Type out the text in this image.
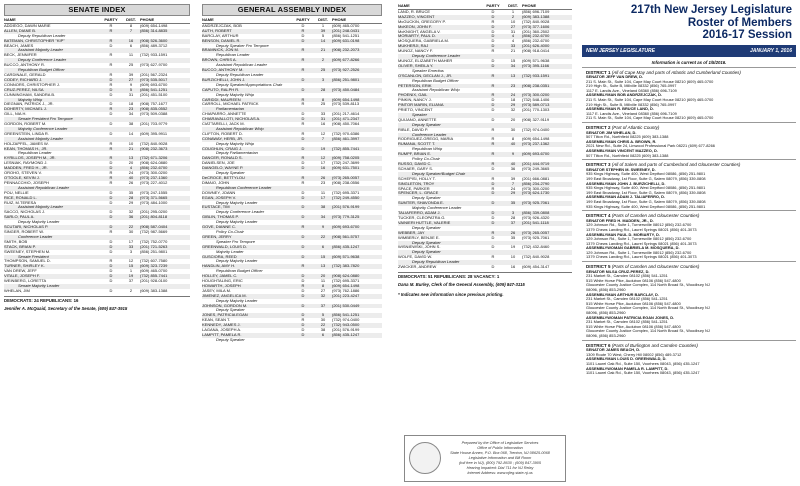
SENATE INDEX
NAME	PARTY	DIST.	PHONE
ADDIEGO, DAWN MARIE	R	8	(609) 654-1498
ALLEN, DIANE B.	R	7	(856) 314-8835
Deputy Republican Leader
BATEMAN, CHRISTOPHER "KIP"	R	16	(908) 526-3600
BEACH, JAMES	D	6	(856) 489-3712
Assistant Majority Leader
BECK, JENNIFER	R	11	(732) 933-1591
Deputy Conference Leader
BUCCO, ANTHONY R.	R	25	(973) 627-9700
Republican Budget Officer
CARDINALE, GERALD	R	39	(201) 567-2324
CODEY, RICHARD J.	D	27	(973) 535-5017
CONNORS, CHRISTOPHER J.	R	9	(609) 693-6700
CRUZ-PEREZ, NILSA	D	5	(856) 541-1251
CUNNINGHAM, SANDRA B.	D	31	(201) 451-5100
Majority Whip
DIEGNAN, PATRICK J., JR.	D	18	(908) 757-1677
DOHERTY, MICHAEL J.	R	23	(908) 835-0552
GILL, NIA H.	D	34	(973) 509-0388
Senate President Pro Tempore
GORDON, ROBERT M.	D	38	(201) 703-9779
Majority Conference Leader
GREENSTEIN, LINDA R.	D	14	(609) 395-9911
Assistant Majority Leader
HOLZAPFEL, JAMES W.	R	10	(732) 840-9028
KEAN, THOMAS H., JR.	R	21	(908) 232-3673
Republican Leader
KYRILLOS, JOSEPH M., JR.	R	13	(732) 671-3206
LESNIAK, RAYMOND J.	D	20	(908) 624-0880
MADDEN, FRED H., JR.	D	4	(856) 232-6700
OROHO, STEVEN V.	R	24	(973) 300-0200
O'TOOLE, KEVIN J.	R	40	(973) 237-1360
PENNACCHIO, JOSEPH	R	26	(973) 227-4012
Assistant Republican Leader
POU, NELLIE	D	35	(973) 247-1555
RICE, RONALD L.	D	28	(973) 371-5665
RUIZ, M.TERESA	D	29	(973) 484-1000
Assistant Majority Leader
SACCO, NICHOLAS J.	D	32	(201) 295-0200
SARLO, PAUL A.	D	36	(201) 804-8118
Deputy Majority Leader
SCUTARI, NICHOLAS P.	D	22	(908) 587-0404
SINGER, ROBERT W.	R	30	(732) 987-5669
Conference Leader
SMITH, BOB	D	17	(732) 752-0770
STACK, BRIAN P.	D	33	(201) 721-5263
SWEENEY, STEPHEN M.	D	3	(856) 251-9801
Senate President
THOMPSON, SAMUEL D.	R	12	(732) 607-7580
TURNER, SHIRLEY K.	D	15	(609) 323-7239
VAN DREW, JEFF	D	1	(609) 465-0700
VITALE, JOSEPH F.	D	19	(732) 855-7441
WEINBERG, LORETTA	D	37	(201) 928-0100
Senate Majority Leader
WHELAN, JIM	D	2	(609) 383-1388
DEMOCRATS: 24 REPUBLICANS: 16
Jennifer A. McQuaid, Secretary of the Senate, (609) 847-3915
GENERAL ASSEMBLY INDEX
NAME	PARTY	DIST.	PHONE
ANDRZEJCZAK, BOB	D	1	(609) 465-0700
AUTH, ROBERT	R	39	(201) 248-0431
BARCLAY, ARTHUR	D	5	(856) 541-1251
BENSON, DANIEL R.	D	14	(609) 631-0198
Deputy Speaker Pro Tempore
BRAMNICK, JON M.	R	21	(908) 232-2073
Republican Leader
BROWN, CHRIS A.	R	2	(609) 677-8266
Assistant Republican Leader
BUCCO, ANTHONY M.	R	25	(973) 927-2526
Deputy Republican Leader
BURZICHELLI, JOHN J.	D	3	(856) 251-9801
Deputy Speaker/Appropriations Chair
CAPUTO, RALPH R.	D	28	(973) 450-0484
Deputy Majority Whip
CARIDDI, MAUREEN	R	8	(609) 654-1498
CARROLL, MICHAEL PATRICK	R	25	(973) 539-8113
Parliamentarian
CHIAPARRO, ANNETTE	D	33	(201) 217-4614
CHIARAVALLOTI, NICHOLAS A.	D	31	(201) 471-2347
CIATTARELLI, JACK M.	R	16	(908) 450-7064
Assistant Republican Whip
CLIFTON, ROBERT D.	R	12	(732) 970-6386
CONAWAY, HERB, JR.	D	7	(856) 461-3997
Deputy Majority Whip
COUGHLIN, CRAIG J.	D	19	(732) 855-7441
Deputy Parliamentarian
DANCER, RONALD S.	R	12	(609) 758-0205
DANIELSEN, JOE	D	17	(732) 247-3699
DiANGELO, WAYNE P.	D	16	(609) 631-7501
Deputy Speaker
DeCROCE, BETTYLOU	R	26	(973) 265-0057
DiMAIO, JOHN	R	23	(908) 238-0556
Republican Conference Leader
DOWNEY, JOANN	D	11	(732) 695-3371
EGAN, JOSEPH V.	D	17	(732) 249-4550
Deputy Majority Leader
EUSTACE, TIM	D	38	(201) 576-9199
Deputy Conference Leader
GIBLIN, THOMAS P.	D	34	(973) 779-3125
Deputy Majority Leader
GOVE, DIANNE C.	R	9	(609) 693-6700
Policy Co-Chair
GREEN, JERRY	D	22	(908) 561-5757
Speaker Pro Tempore
GREENWALD, LOUIS D.	D	6	(856) 435-1247
Majority Leader
GUSCIORA, REED	D	15	(609) 571-9638
Deputy Majority Leader
HANDLIN, AMY H.	R	13	(732) 383-7820
Republican Budget Officer
HOLLEY, JAMEL C.	D	20	(908) 624-0880
HOUGHTALING, ERIC	D	11	(732) 695-3371
HOWARTH, JOSEPH	R	8	(609) 654-1498
JASEY, MILA M.	D	27	(973) 762-1886
JIMENEZ, ANGELICA M.	D	32	(201) 223-4247
Deputy Majority Leader
JOHNSON, GORDON M.	D	37	(201) 530-0449
Deputy Speaker
JONES, PATRICIA EGAN	D	5	(856) 541-1251
KEAN, SEAN T.	R	30	(732) 974-0400
KENNEDY, JAMES J.	D	22	(732) 943-0500
LAGANA, JOSEPH A.	D	38	(201) 576-9199
LAMPITT, PAMELA R.	D	6	(856) 435-1247
Deputy Speaker
NAME	PARTY	DIST.	PHONE
LAND, R. BRUCE	D	1	(856) 696-7109
MAZZEO, VINCENT	D	2	(609) 383-1388
McGUCKIN, GREGORY P.	R	10	(732) 840-9028
McKEON, JOHN F.	D	27	(973) 377-1606
McKNIGHT, ANGELA V.	D	31	(201) 360-2502
MORIARTY, PAUL D.	D	4	(856) 232-6700
MOSQUERA, GABRIELA M.	D	4	(856) 232-6700
MUKHERJI, RAJ	D	33	(201) 626-4000
MUNOZ, NANCY F.	R	21	(908) 918-0414
Deputy Conference Leader
MUNOZ, ELIZABETH MAHER	D	15	(609) 571-9638
OLIVER, SHEILA Y.	D	34	(973) 395-1166
Speaker Emeritus
O'SCANLON, DECLAN J., JR.	R	13	(732) 933-1591
Republican Budget Officer
PETERSON, ERIK	R	23	(908) 238-0351
Assistant Republican Whip
PHOENIX, GAIL	R	24	(973) 300-0200
PINKIN, NANCY J.	D	18	(732) 548-1406
PINTOR MARIN, ELIANA	D	29	(973) 589-0713
PRIETO, VINCENT	D	32	(201) 770-1303
Speaker
QUIJANO, ANNETTE	D	20	(908) 327-9119
Deputy Speaker
RIBLE, DAVID P.	R	30	(732) 974-0400
Conference Leader
RODRIGUEZ-GREGG, MARIA	R	8	(609) 654-1498
RUMANA, SCOTT T.	R	40	(973) 237-1362
Republican Whip
RUMPF, BRIAN E.	R	9	(609) 693-6700
Policy Co-Chair
RUSSO, DAVID C.	R	40	(201) 444-9719
SCHAER, GARY S.	D	36	(973) 249-3665
Deputy Speaker/Budget Chair
SCHEPISI, HOLLY T.	R	39	(201) 666-0881
SINGLETON, TROY	D	7	(856) 234-2790
SPACE, PARKER	R	24	(973) 300-0200
SPENCER, L. GRACE	D	29	(973) 624-1730
Deputy Speaker
SUMTER, SHAVONDA E.	D	35	(973) 925-7061
Majority Conference Leader
TALIAFERRO, ADAM J.	D	3	(856) 339-0808
TUCKER, CLEOPATRA G.	D	28	(973) 926-4320
VAINIERI HUTTLE, VALERIE	D	37	(201) 541-1118
Deputy Speaker
WEBBER, JAY	R	26	(973) 265-0057
WIMBERLY, BENJIE E.	D	35	(973) 925-7061
Deputy Speaker
WISNIEWSKI, JOHN S.	D	19	(732) 432-8460
Deputy Speaker
WOLFE, DAVID W.	R	10	(732) 840-9028
Deputy Republican Leader
ZWICKER, ANDREW	D	16	(609) 454-3147
DEMOCRATS: 51 REPUBLICANS: 28 VACANCY: 1
Dana M. Burley, Clerk of the General Assembly, (609) 847-3115
* Indicates new information since previous printing.
Prepared by the Office of Legislative Services
Office of Public Information
State House Annex, P.O. Box 068, Trenton, NJ 08625-0068
Legislative Information and Bill Room
(toll free in NJ), (800) 792-8630 ; (609) 847-3905
Hearing Impaired: Dial 711 for NJ Relay
Internet Address: www.njleg.state.nj.us
217th New Jersey Legislature
Roster of Members
2016-17 Session
NEW JERSEY LEGISLATURE	JANUARY 1, 2016
Information is current as of 1/5/2016.
DISTRICT 1 (All of Cape May and parts of Atlantic and Cumberland Counties)
SENATOR JEFF VAN DREW, D.
211 S. Main St., Suite 104, Cape May Court House 08210 (609) 465-0700
219 High St., Suite B, Millville 08332 (856) 765-0997
1117 E. Landis Ave., Vineland 08360 (856) 696-7109
ASSEMBLYMAN BOB ANDRZEJCZAK, D.
211 S. Main St., Suite 104, Cape May Court House 08210 (609) 465-0700
219 High St., Suite B, Millville 08332 (856) 765-0997
ASSEMBLYMAN R. BRUCE LAND, D.
1117 E. Landis Ave., Vineland 08360 (856) 696-7109
211 S. Main St., Suite 104, Cape May Court House 08210 (609) 465-0700
DISTRICT 2 (Part of Atlantic County)
SENATOR JIM WHELAN, D.
507 Tilton Rd., Northfield 08225 (609) 383-1388
ASSEMBLYMAN CHRIS A. BROWN, R.
2021 New Rd., Suite 24, Linwood Professional Park 08221 (609) 677-8266
ASSEMBLYMAN VINCENT MAZZEO, D.
507 Tilton Rd., Northfield 08225 (609) 383-1388
DISTRICT 3 (All of Salem and parts of Cumberland and Gloucester Counties)
SENATOR STEPHEN M. SWEENEY, D.
935 Kings Highway, Suite 400, West Deptford 08086, (856) 251-9801
199 East Broadway, 1st Floor, Suite G, Salem 08079, (856) 339-0808
ASSEMBLYMAN JOHN J. BURZICHELLI, D.
935 Kings Highway, Suite 400, West Deptford 08086, (856) 251-9801
199 East Broadway, 1st Floor, Suite G, Salem 08079, (856) 339-0808
ASSEMBLYMAN ADAM J. TALIAFERRO, D.
199 East Broadway, 1st Floor, Suite G, Salem 08079, (856) 339-0808
935 Kings Highway, Suite 400, West Deptford 08086, (856) 251-9801
DISTRICT 4 (Parts of Camden and Gloucester Counties)
SENATOR FRED H. MADDEN, JR., D.
129 Johnson Rd., Suite 1, Turnersville 08012 (856) 232-6700
1379 Chews Landing Rd., Laurel Springs 08021 (856) 401-3073
ASSEMBLYMAN PAUL D. MORIARTY, D.
129 Johnson Rd., Suite 1, Turnersville 08012 (856) 232-6700
1379 Chews Landing Rd., Laurel Springs 08021 (856) 401-3073
ASSEMBLYWOMAN GABRIELA M. MOSQUERA, D.
129 Johnson Rd., Suite 1, Turnersville 08012 (856) 232-6700
1379 Chews Landing Rd., Laurel Springs 08021 (856) 401-3073
DISTRICT 5 (Parts of Camden and Gloucester Counties)
SENATOR NILSA CRUZ-PEREZ, D.
231 Market St., Camden 08102 (856) 541-1251
515 White Horse Pike, Audubon 08106 (856) 547-4800
Gloucester County Justice Complex, 114 North Broad St., Woodbury NJ
08096, (856) 853-2960
ASSEMBLYMAN ARTHUR BARCLAY, D.
231 Market St., Camden 08102 (856) 541-1251
515 White Horse Pike, Audubon 08106 (856) 547-4800
Gloucester County Justice Complex, 114 North Broad St., Woodbury NJ
08096, (856) 853-2960
ASSEMBLYWOMAN PATRICIA EGAN JONES, D.
231 Market St., Camden 08102 (856) 541-1251
515 White Horse Pike, Audubon 08106 (856) 547-4800
Gloucester County Justice Complex, 114 North Broad St., Woodbury NJ
08096, (856) 853-2960
DISTRICT 6 (Parts of Burlington and Camden Counties)
SENATOR JAMES BEACH, D.
1309 Route 70 West, Cherry Hill 08002 (856) 489-3712
ASSEMBLYMAN LOUIS D. GREENWALD, D.
1101 Laurel Oak Rd., Suite 150, Voorhees 08043, (856) 435-1247
ASSEMBLYWOMAN PAMELA R. LAMPITT, D.
1101 Laurel Oak Rd., Suite 150, Voorhees 08043, (856) 435-1247
